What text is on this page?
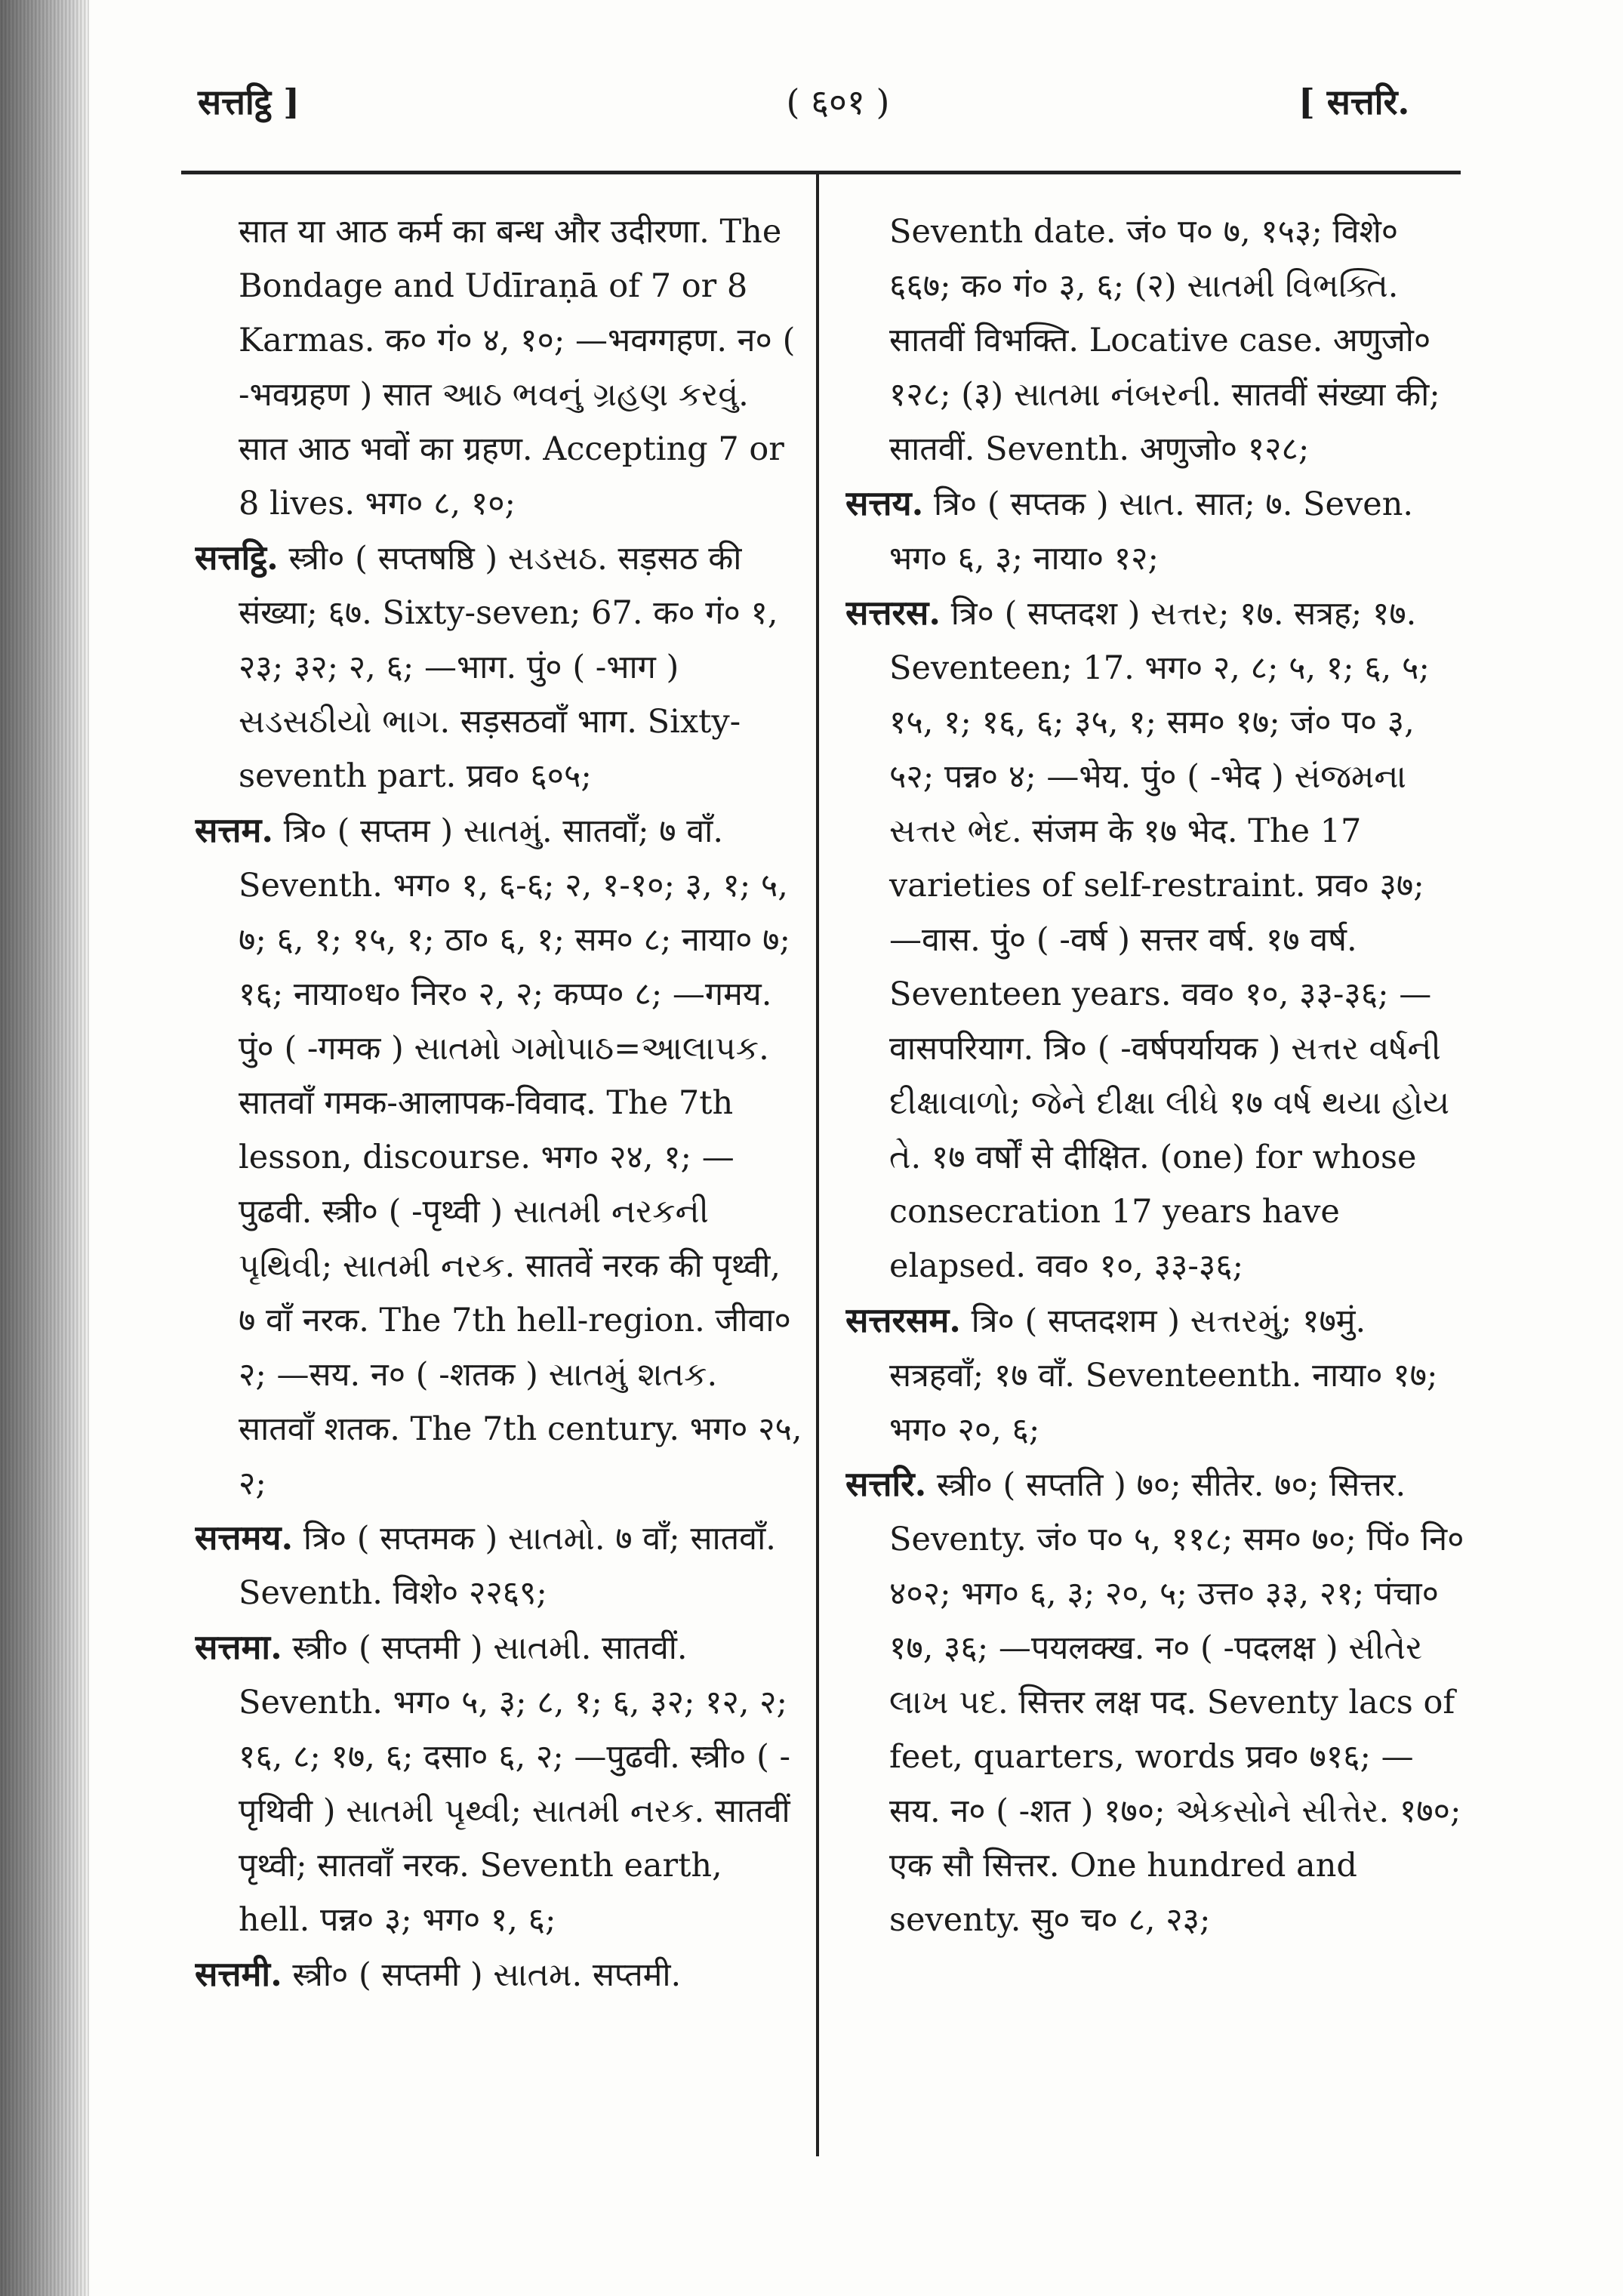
सत्तट्ठि ]	( ६०१ )	[ सत्तरि.

सात या आठ कर्म का बन्ध और उदीरणा. The Bondage and Udīraṇā of 7 or 8 Karmas. क० गं० ४, १०; —भवग्गहण. न० ( -भवग्रहण ) सात આઠ ભવનું ગ્રહણ કરવું. सात आठ भवों का ग्रहण. Accepting 7 or 8 lives. भग० ८, १०;

सत्तट्ठि. स्त्री० ( सप्तषष्ठि ) સડસઠ. सड़सठ की संख्या; ६७. Sixty-seven; 67. क० गं० १, २३; ३२; २, ६; —भाग. पुं० ( -भाग ) સડસઠીયો ભાગ. सड़सठवाँ भाग. Sixty-seventh part. प्रव० ६०५;

सत्तम. त्रि० ( सप्तम ) સાતમું. सातवाँ; ७ वाँ. Seventh. भग० १, ६-६; २, १-१०; ३, १; ५, ७; ६, १; १५, १; ठा० ६, १; सम० ८; नाया० ७; १६; नाया०ध० निर० २, २; कप्प० ८; —गमय. पुं० ( -गमक ) સાતમો ગમોપાઠ=આલાપક. सातवाँ गमक-आलापक-विवाद. The 7th lesson, discourse. भग० २४, १; — पुढवी. स्त्री० ( -पृथ्वी ) સાતમી નરકની પૃથિવી; સાતમી નરક. सातवें नरक की पृथ्वी, ७ वाँ नरक. The 7th hell-region. जीवा० २; —सय. न० ( -शतक ) સાતમું શતક. सातवाँ शतक. The 7th century. भग० २५, २;

सत्तमय. त्रि० ( सप्तमक ) સાતમો. ७ वाँ; सातवाँ. Seventh. विशे० २२६९;

सत्तमा. स्त्री० ( सप्तमी ) સાતમી. सातवीं. Seventh. भग० ५, ३; ८, १; ६, ३२; १२, २; १६, ८; १७, ६; दसा० ६, २; —पुढवी. स्त्री० ( -पृथिवी ) સાતમી પૃથ્વી; સાતમી નરક. सातवीं पृथ्वी; सातवाँ नरक. Seventh earth, hell. पन्न० ३; भग० १, ६;

सत्तमी. स्त्री० ( सप्तमी ) સાતમ. सप्तमी.

Seventh date. जं० प० ७, १५३; विशे० ६६७; क० गं० ३, ६; (२) સાતમી વિભક્તિ. सातवीं विभक्ति. Locative case. अणुजो० १२८; (३) સાતમા નંબરની. सातवीं संख्या की; सातवीं. Seventh. अणुजो० १२८;

सत्तय. त्रि० ( सप्तक ) સાત. सात; ७. Seven. भग० ६, ३; नाया० १२;

सत्तरस. त्रि० ( सप्तदश ) સત્તર; १७. सत्रह; १७. Seventeen; 17. भग० २, ८; ५, १; ६, ५; १५, १; १६, ६; ३५, १; सम० १७; जं० प० ३, ५२; पन्न० ४; —भेय. पुं० ( -भेद ) સંજમના સત્તર ભેદ. संजम के १७ भेद. The 17 varieties of self-restraint. प्रव० ३७; —वास. पुं० ( -वर्ष ) सत्तर वर्ष. १७ वर्ष. Seventeen years. वव० १०, ३३-३६; —वासपरियाग. त्रि० ( -वर्षपर्यायक ) સત્તર વર્ષની દીક્ષાવાળો; જેને દીક્ષા લીધે १७ વર્ષ થયા હોય તે. १७ वर्षों से दीक्षित. (one) for whose consecration 17 years have elapsed. वव० १०, ३३-३६;

सत्तरसम. त्रि० ( सप्तदशम ) સત્તરમું; १७मुं. सत्रहवाँ; १७ वाँ. Seventeenth. नाया० १७; भग० २०, ६;

सत्तरि. स्त्री० ( सप्तति ) ७०; सीतेर. ७०; सित्तर. Seventy. जं० प० ५, ११८; सम० ७०; पिं० नि० ४०२; भग० ६, ३; २०, ५; उत्त० ३३, २१; पंचा० १७, ३६; —पयलक्ख. न० ( -पदलक्ष ) સીતેર લાખ પદ. सित्तर लक्ष पद. Seventy lacs of feet, quarters, words प्रव० ७१६; —सय. न० ( -शत ) १७०; એકસોને સીત્તેર. १७०; एक सौ सित्तर. One hundred and seventy. सु० च० ८, २३;
